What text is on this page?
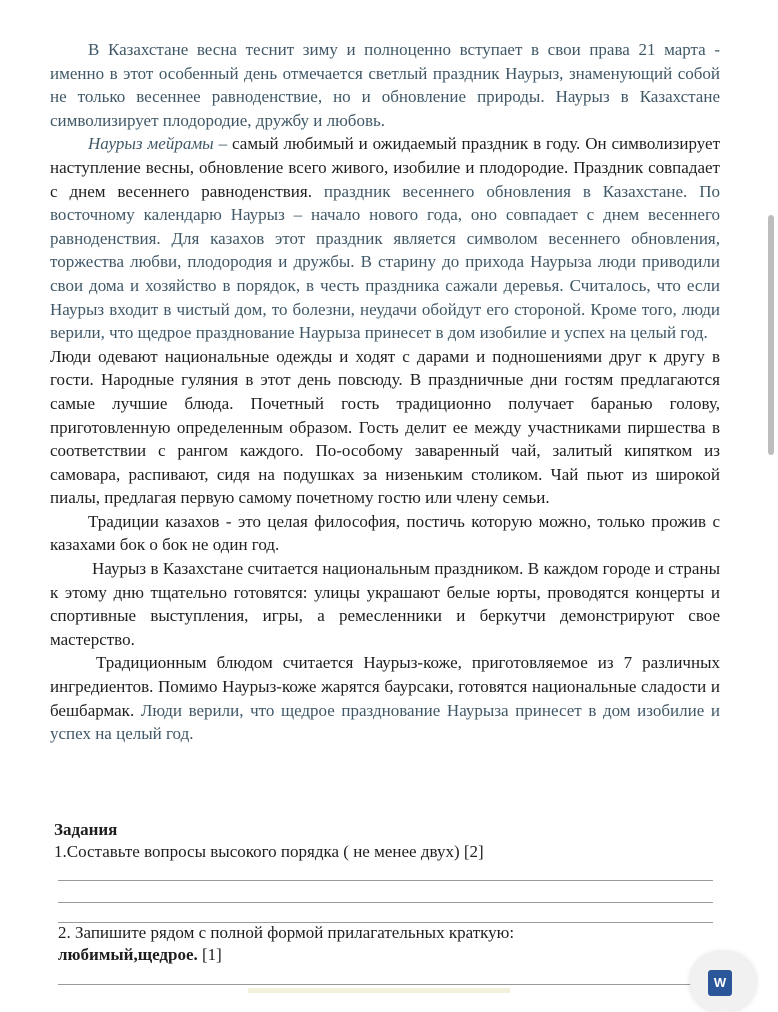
В Казахстане весна теснит зиму и полноценно вступает в свои права 21 марта - именно в этот особенный день отмечается светлый праздник Наурыз, знаменующий собой не только весеннее равноденствие, но и обновление природы. Наурыз в Казахстане символизирует плодородие, дружбу и любовь.

Наурыз мейрамы – самый любимый и ожидаемый праздник в году. Он символизирует наступление весны, обновление всего живого, изобилие и плодородие. Праздник совпадает с днем весеннего равноденствия. праздник весеннего обновления в Казахстане. По восточному календарю Наурыз – начало нового года, оно совпадает с днем весеннего равноденствия. Для казахов этот праздник является символом весеннего обновления, торжества любви, плодородия и дружбы. В старину до прихода Наурыза люди приводили свои дома и хозяйство в порядок, в честь праздника сажали деревья. Считалось, что если Наурыз входит в чистый дом, то болезни, неудачи обойдут его стороной. Кроме того, люди верили, что щедрое празднование Наурыза принесет в дом изобилие и успех на целый год.

Люди одевают национальные одежды и ходят с дарами и подношениями друг к другу в гости. Народные гуляния в этот день повсюду. В праздничные дни гостям предлагаются самые лучшие блюда. Почетный гость традиционно получает баранью голову, приготовленную определенным образом. Гость делит ее между участниками пиршества в соответствии с рангом каждого. По-особому заваренный чай, залитый кипятком из самовара, распивают, сидя на подушках за низеньким столиком. Чай пьют из широкой пиалы, предлагая первую самому почетному гостю или члену семьи.

Традиции казахов - это целая философия, постичь которую можно, только прожив с казахами бок о бок не один год.

Наурыз в Казахстане считается национальным праздником. В каждом городе и страны к этому дню тщательно готовятся: улицы украшают белые юрты, проводятся концерты и спортивные выступления, игры, а ремесленники и беркутчи демонстрируют свое мастерство.

Традиционным блюдом считается Наурыз-коже, приготовляемое из 7 различных ингредиентов. Помимо Наурыз-коже жарятся баурсаки, готовятся национальные сладости и бешбармак. Люди верили, что щедрое празднование Наурыза принесет в дом изобилие и успех на целый год.

Задания
1.Составьте вопросы высокого порядка ( не менее двух) [2]
2. Запишите рядом с полной формой прилагательных краткую:
любимый,щедрое. [1]
W
